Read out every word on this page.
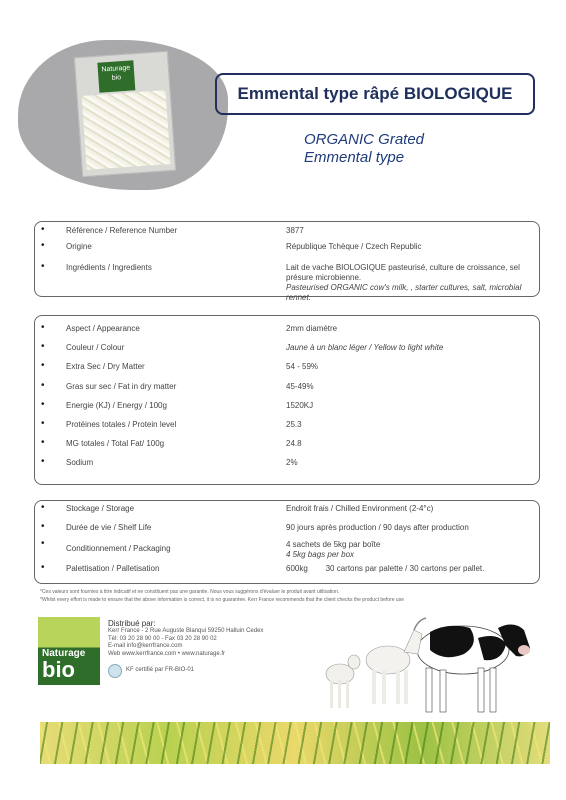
Naturage bio
Emmental type râpé BIOLOGIQUE
ORGANIC Grated
Emmental type
•	Référence / Reference Number	3877
•	Origine	République Tchèque / Czech Republic
•	Ingrédients / Ingredients	Lait de vache BIOLOGIQUE pasteurisé, culture de croissance, sel présure microbienne.
Pasteurised ORGANIC cow's milk, , starter cultures, salt, microbial rennet.
•	Aspect / Appearance	2mm diamètre
•	Couleur / Colour	Jaune à un blanc léger / Yellow to light white
•	Extra Sec / Dry Matter	54 - 59%
•	Gras sur sec / Fat in dry matter	45-49%
•	Energie (KJ) / Energy / 100g	1520KJ
•	Protéines totales / Protein level	25.3
•	MG totales / Total Fat/ 100g	24.8
•	Sodium	2%
•	Stockage / Storage	Endroit frais / Chilled Environment (2-4°c)
•	Durée de vie / Shelf Life	90 jours après production / 90 days after production
•	Conditionnement / Packaging	4 sachets de 5kg par boîte
4 5kg bags per box
•	Palettisation / Palletisation	600kg        30 cartons par palette / 30 cartons per pallet.
*Ces valeurs sont fournies à titre indicatif et ne constituent pas une garantie. Nous vous suggérons d'évaluer le produit avant utilisation.
*Whilst every effort is made to ensure that the above information is correct, it is no guarantee. Kerr France recommends that the client checks the product before use
Naturage
bio
Distribué par:
Kerr France - 2 Rue Auguste Blanqui 59250 Halluin Cedex
Tél: 03 20 28 90 00 - Fax 03 20 28 90 02
E-mail info@kerrfrance.com
Web www.kerrfrance.com • www.naturage.fr
KF certifié par FR-BIO-01
